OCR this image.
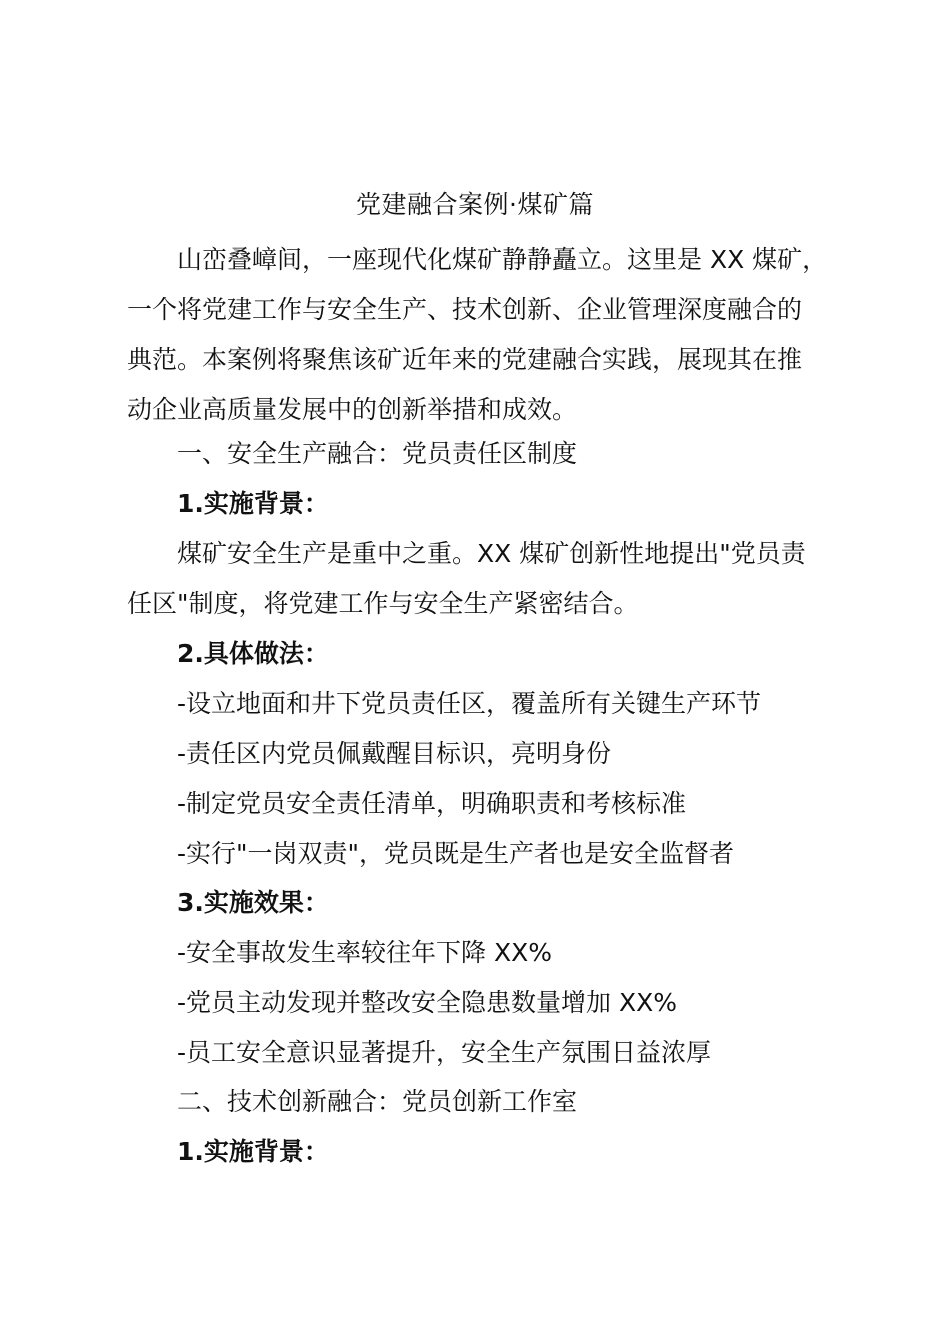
党建融合案例·煤矿篇
山峦叠嶂间，一座现代化煤矿静静矗立。这里是 XX 煤矿，
一个将党建工作与安全生产、技术创新、企业管理深度融合的
典范。本案例将聚焦该矿近年来的党建融合实践，展现其在推
动企业高质量发展中的创新举措和成效。
一、安全生产融合：党员责任区制度
1.实施背景：
煤矿安全生产是重中之重。XX 煤矿创新性地提出"党员责
任区"制度，将党建工作与安全生产紧密结合。
2.具体做法：
-设立地面和井下党员责任区，覆盖所有关键生产环节
-责任区内党员佩戴醒目标识，亮明身份
-制定党员安全责任清单，明确职责和考核标准
-实行"一岗双责"，党员既是生产者也是安全监督者
3.实施效果：
-安全事故发生率较往年下降 XX%
-党员主动发现并整改安全隐患数量增加 XX%
-员工安全意识显著提升，安全生产氛围日益浓厚
二、技术创新融合：党员创新工作室
1.实施背景：
